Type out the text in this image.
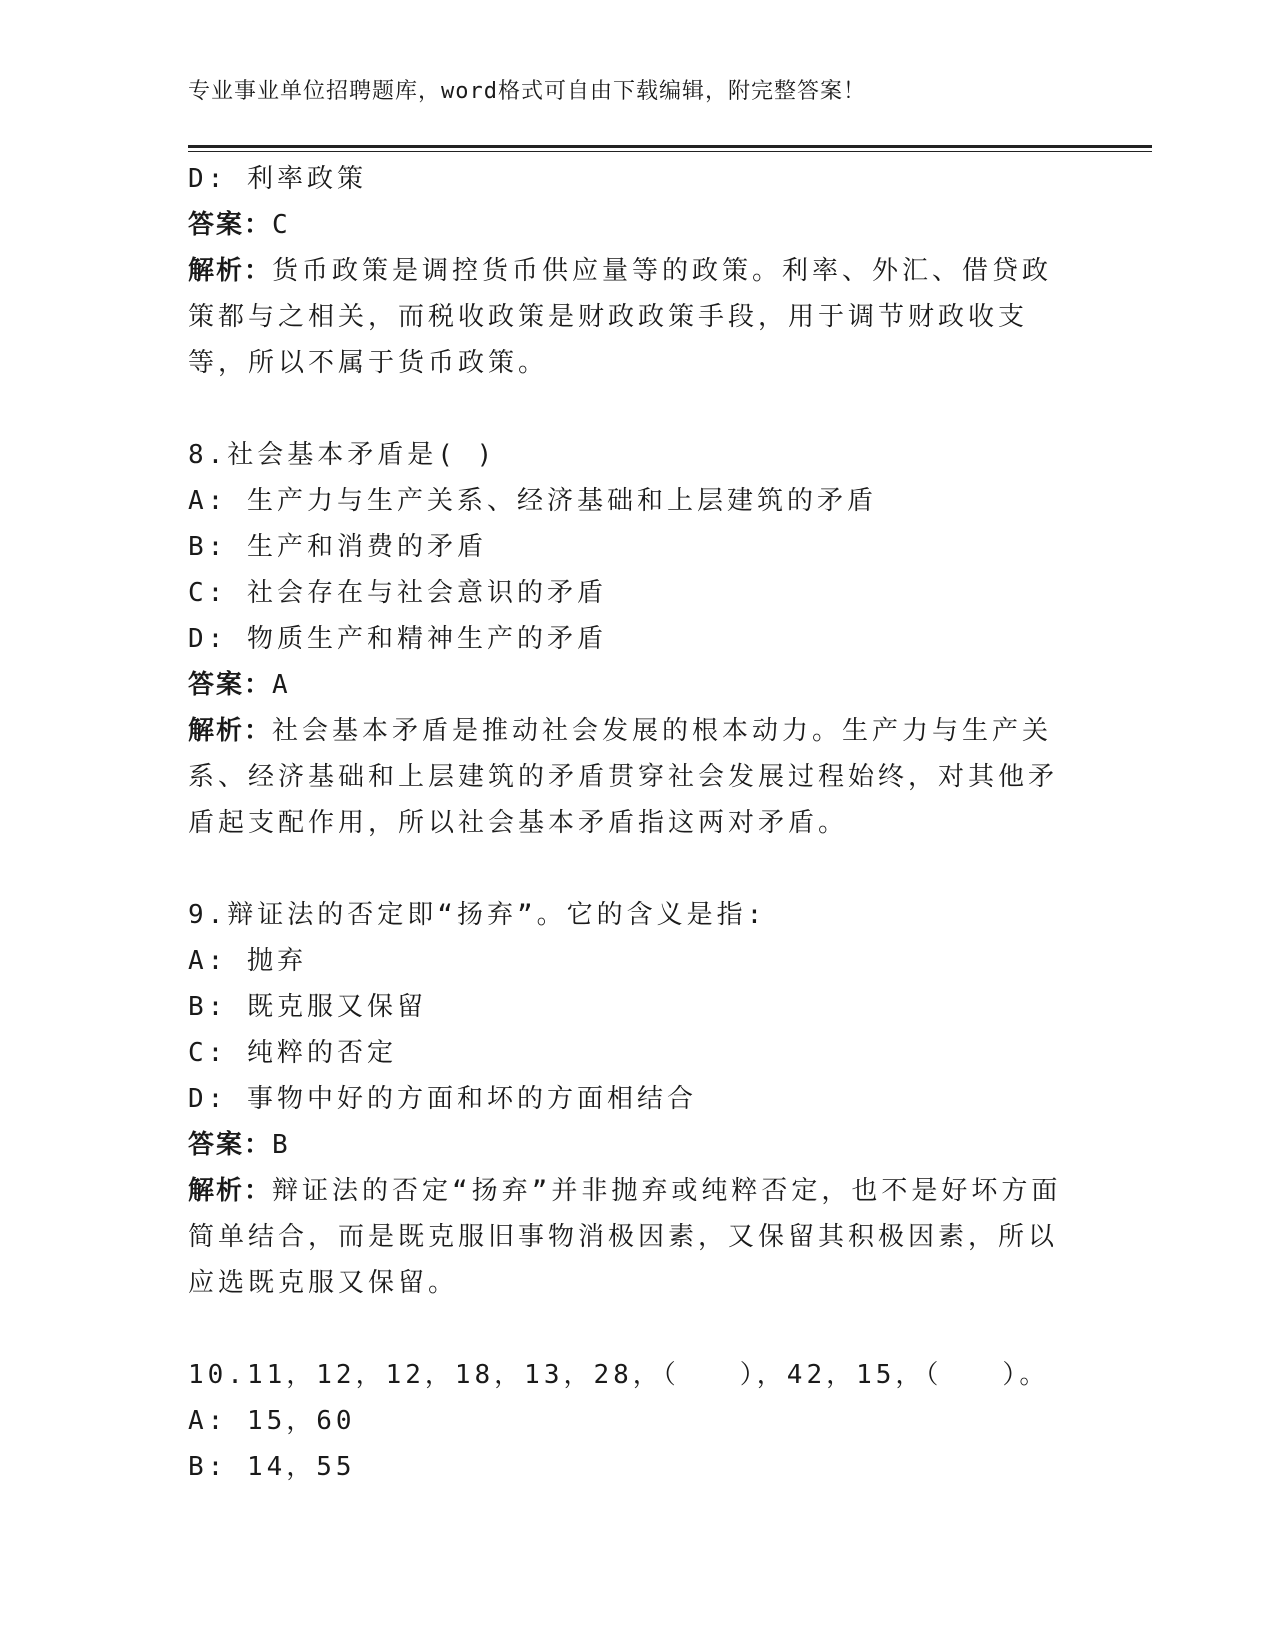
专业事业单位招聘题库，word格式可自由下载编辑，附完整答案！
D: 利率政策
答案：C
解析：货币政策是调控货币供应量等的政策。利率、外汇、借贷政策都与之相关，而税收政策是财政政策手段，用于调节财政收支等，所以不属于货币政策。
8.社会基本矛盾是( )
A: 生产力与生产关系、经济基础和上层建筑的矛盾
B: 生产和消费的矛盾
C: 社会存在与社会意识的矛盾
D: 物质生产和精神生产的矛盾
答案：A
解析：社会基本矛盾是推动社会发展的根本动力。生产力与生产关系、经济基础和上层建筑的矛盾贯穿社会发展过程始终，对其他矛盾起支配作用，所以社会基本矛盾指这两对矛盾。
9.辩证法的否定即“扬弃”。它的含义是指:
A: 抛弃
B: 既克服又保留
C: 纯粹的否定
D: 事物中好的方面和坏的方面相结合
答案：B
解析：辩证法的否定“扬弃”并非抛弃或纯粹否定，也不是好坏方面简单结合，而是既克服旧事物消极因素，又保留其积极因素，所以应选既克服又保留。
10.11，12，12，18，13，28，（　　），42，15，（　　）。
A: 15，60
B: 14，55
